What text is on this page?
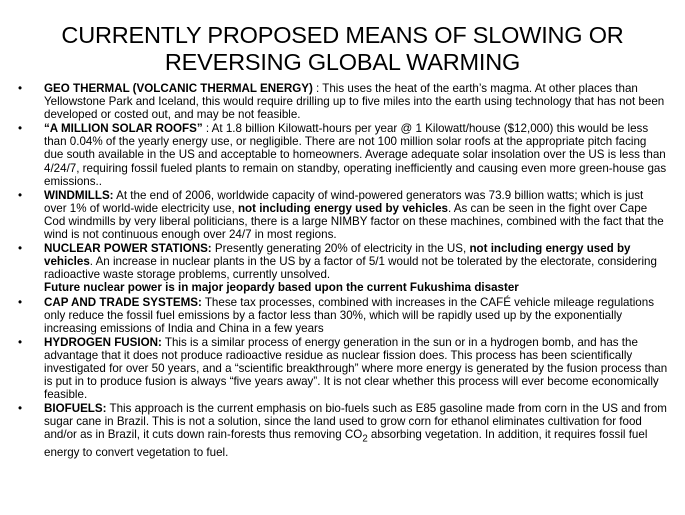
CURRENTLY PROPOSED MEANS OF SLOWING OR
REVERSING GLOBAL WARMING
•	GEO THERMAL (VOLCANIC THERMAL ENERGY) : This uses the heat of the earth’s magma. At other places than Yellowstone Park and Iceland, this would require drilling up to five miles into the earth using technology that has not been developed or costed out, and may be not feasible.
•	“A MILLION SOLAR ROOFS” : At 1.8 billion Kilowatt-hours per year @ 1 Kilowatt/house ($12,000) this would be less than 0.04% of the yearly energy use, or negligible. There are not 100 million solar roofs at the appropriate pitch facing due south available in the US and acceptable to homeowners. Average adequate solar insolation over the US is less than 4/24/7, requiring fossil fueled plants to remain on standby, operating inefficiently and causing even more green-house gas emissions..
•	WINDMILLS: At the end of 2006, worldwide capacity of wind-powered generators was 73.9 billion watts; which is just over 1% of world-wide electricity use, not including energy used by vehicles. As can be seen in the fight over Cape Cod windmills by very liberal politicians, there is a large NIMBY factor on these machines, combined with the fact that the wind is not continuous enough over 24/7 in most regions.
•	NUCLEAR POWER STATIONS: Presently generating 20% of electricity in the US, not including energy used by vehicles. An increase in nuclear plants in the US by a factor of 5/1 would not be tolerated by the electorate, considering radioactive waste storage problems, currently unsolved.
Future nuclear power is in major jeopardy based upon the current Fukushima disaster
•	CAP AND TRADE SYSTEMS: These tax processes, combined with increases in the CAFÉ vehicle mileage regulations only reduce the fossil fuel emissions by a factor less than 30%, which will be rapidly used up by the exponentially increasing emissions of India and China in a few years
•	HYDROGEN FUSION: This is a similar process of energy generation in the sun or in a hydrogen bomb, and has the advantage that it does not produce radioactive residue as nuclear fission does. This process has been scientifically investigated for over 50 years, and a “scientific breakthrough” where more energy is generated by the fusion process than is put in to produce fusion is always “five years away”. It is not clear whether this process will ever become economically feasible.
•	BIOFUELS: This approach is the current emphasis on bio-fuels such as E85 gasoline made from corn in the US and from sugar cane in Brazil. This is not a solution, since the land used to grow corn for ethanol eliminates cultivation for food and/or as in Brazil, it cuts down rain-forests thus removing $CO_2$ absorbing vegetation. In addition, it requires fossil fuel energy to convert vegetation to fuel.
